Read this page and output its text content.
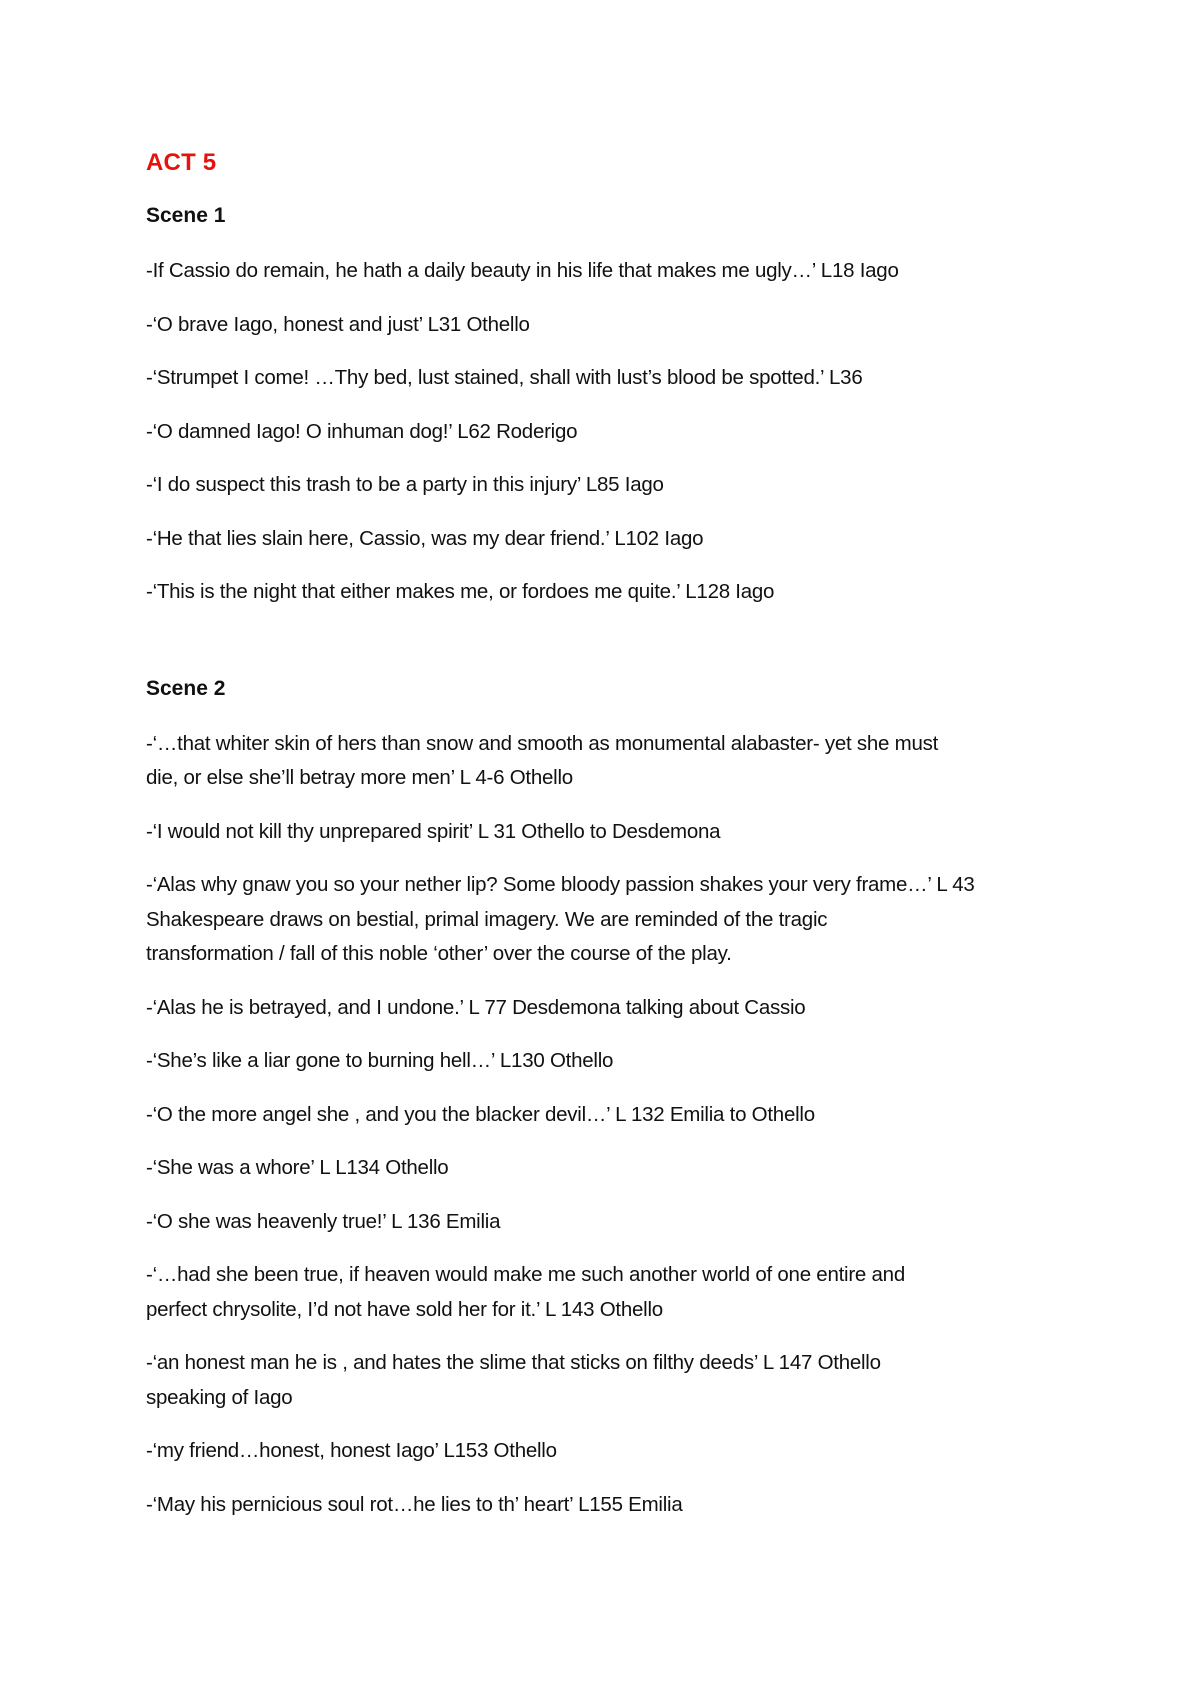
ACT 5
Scene 1

-If Cassio do remain, he hath a daily beauty in his life that makes me ugly…’ L18 Iago

-‘O brave Iago, honest and just’ L31 Othello

-‘Strumpet I come! …Thy bed, lust stained, shall with lust’s blood be spotted.’ L36

-‘O damned Iago! O inhuman dog!’ L62 Roderigo

-‘I do suspect this trash to be a party in this injury’ L85 Iago

-‘He that lies slain here, Cassio, was my dear friend.’ L102 Iago

-‘This is the night that either makes me, or fordoes me quite.’ L128 Iago

Scene 2

-‘…that whiter skin of hers than snow and smooth as monumental alabaster- yet she must
die, or else she’ll betray more men’ L 4-6 Othello

-‘I would not kill thy unprepared spirit’ L 31 Othello to Desdemona

-‘Alas why gnaw you so your nether lip? Some bloody passion shakes your very frame…’ L 43
Shakespeare draws on bestial, primal imagery. We are reminded of the tragic
transformation / fall of this noble ‘other’ over the course of the play.

-‘Alas he is betrayed, and I undone.’ L 77 Desdemona talking about Cassio

-‘She’s like a liar gone to burning hell…’ L130 Othello

-‘O the more angel she , and you the blacker devil…’ L 132 Emilia to Othello

-‘She was a whore’ L L134 Othello

-‘O she was heavenly true!’ L 136 Emilia

-‘…had she been true, if heaven would make me such another world of one entire and
perfect chrysolite, I’d not have sold her for it.’ L 143 Othello

-‘an honest man he is , and hates the slime that sticks on filthy deeds’ L 147 Othello
speaking of Iago

-‘my friend…honest, honest Iago’ L153 Othello

-‘May his pernicious soul rot…he lies to th’ heart’ L155 Emilia
